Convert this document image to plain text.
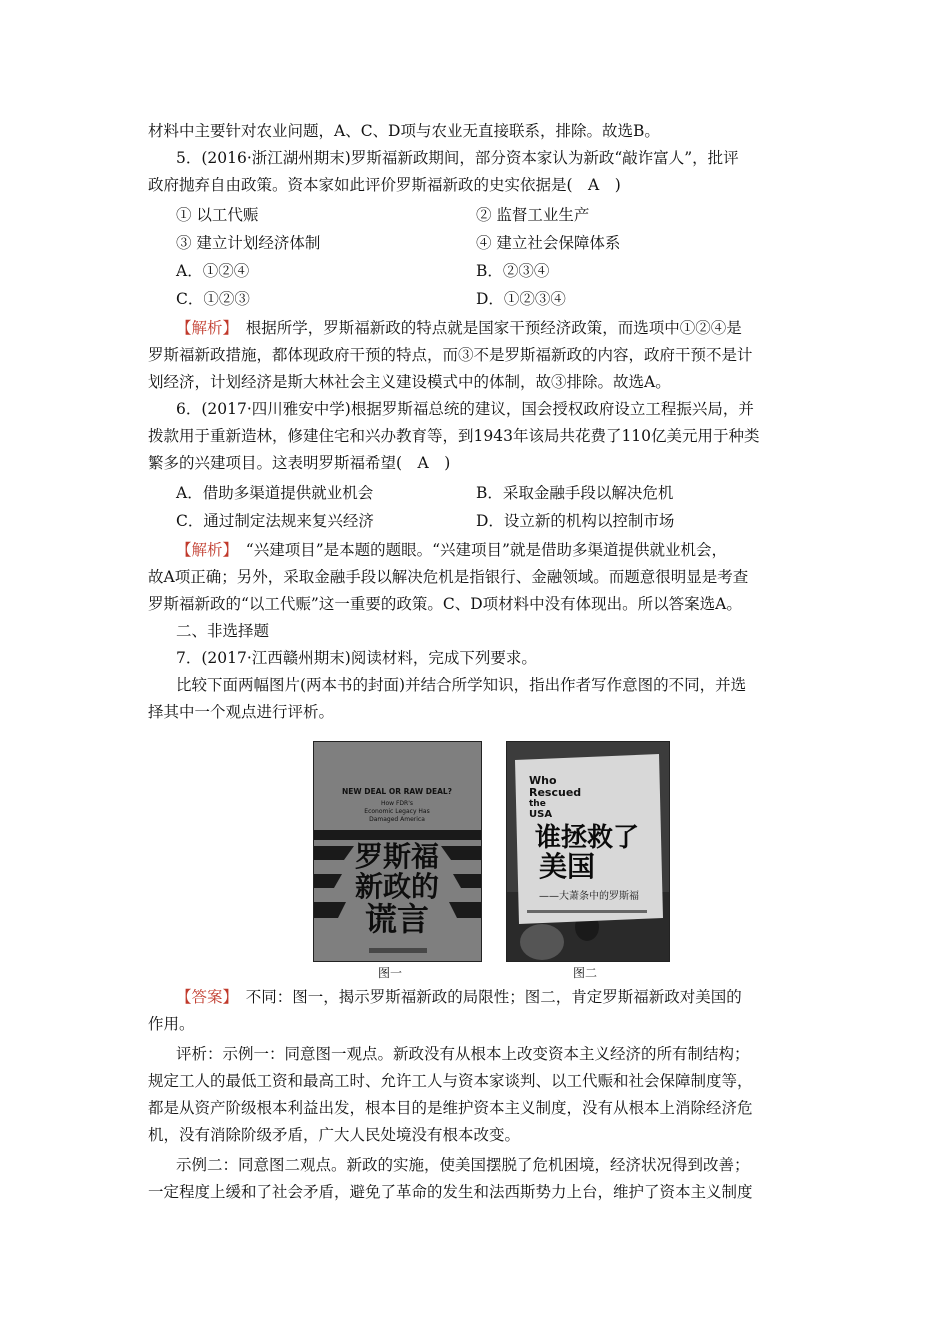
材料中主要针对农业问题，A、C、D项与农业无直接联系，排除。故选B。
5．(2016·浙江湖州期末)罗斯福新政期间，部分资本家认为新政“敲诈富人”，批评
政府抛弃自由政策。资本家如此评价罗斯福新政的史实依据是(　A　)
① 以工代赈	② 监督工业生产
③ 建立计划经济体制	④ 建立社会保障体系
A．①②④	B．②③④
C．①②③	D．①②③④
【解析】　根据所学，罗斯福新政的特点就是国家干预经济政策，而选项中①②④是
罗斯福新政措施，都体现政府干预的特点，而③不是罗斯福新政的内容，政府干预不是计
划经济，计划经济是斯大林社会主义建设模式中的体制，故③排除。故选A。
6．(2017·四川雅安中学)根据罗斯福总统的建议，国会授权政府设立工程振兴局，并
拨款用于重新造林，修建住宅和兴办教育等，到1943年该局共花费了110亿美元用于种类
繁多的兴建项目。这表明罗斯福希望(　A　)
A．借助多渠道提供就业机会	B．采取金融手段以解决危机
C．通过制定法规来复兴经济	D．设立新的机构以控制市场
【解析】　“兴建项目”是本题的题眼。“兴建项目”就是借助多渠道提供就业机会，
故A项正确；另外，采取金融手段以解决危机是指银行、金融领域。而题意很明显是考查
罗斯福新政的“以工代赈”这一重要的政策。C、D项材料中没有体现出。所以答案选A。
二、非选择题
7．(2017·江西赣州期末)阅读材料，完成下列要求。
比较下面两幅图片(两本书的封面)并结合所学知识，指出作者写作意图的不同，并选
择其中一个观点进行评析。
NEW DEAL OR RAW DEAL?
How FDR's
Economic Legacy Has
Damaged America
罗斯福
新政的
谎言
Who
Rescued
the
USA
谁拯救了
美国
——大萧条中的罗斯福
图一	图二
【答案】　不同：图一，揭示罗斯福新政的局限性；图二，肯定罗斯福新政对美国的
作用。
评析：示例一：同意图一观点。新政没有从根本上改变资本主义经济的所有制结构；
规定工人的最低工资和最高工时、允许工人与资本家谈判、以工代赈和社会保障制度等，
都是从资产阶级根本利益出发，根本目的是维护资本主义制度，没有从根本上消除经济危
机，没有消除阶级矛盾，广大人民处境没有根本改变。
示例二：同意图二观点。新政的实施，使美国摆脱了危机困境，经济状况得到改善；
一定程度上缓和了社会矛盾，避免了革命的发生和法西斯势力上台，维护了资本主义制度
